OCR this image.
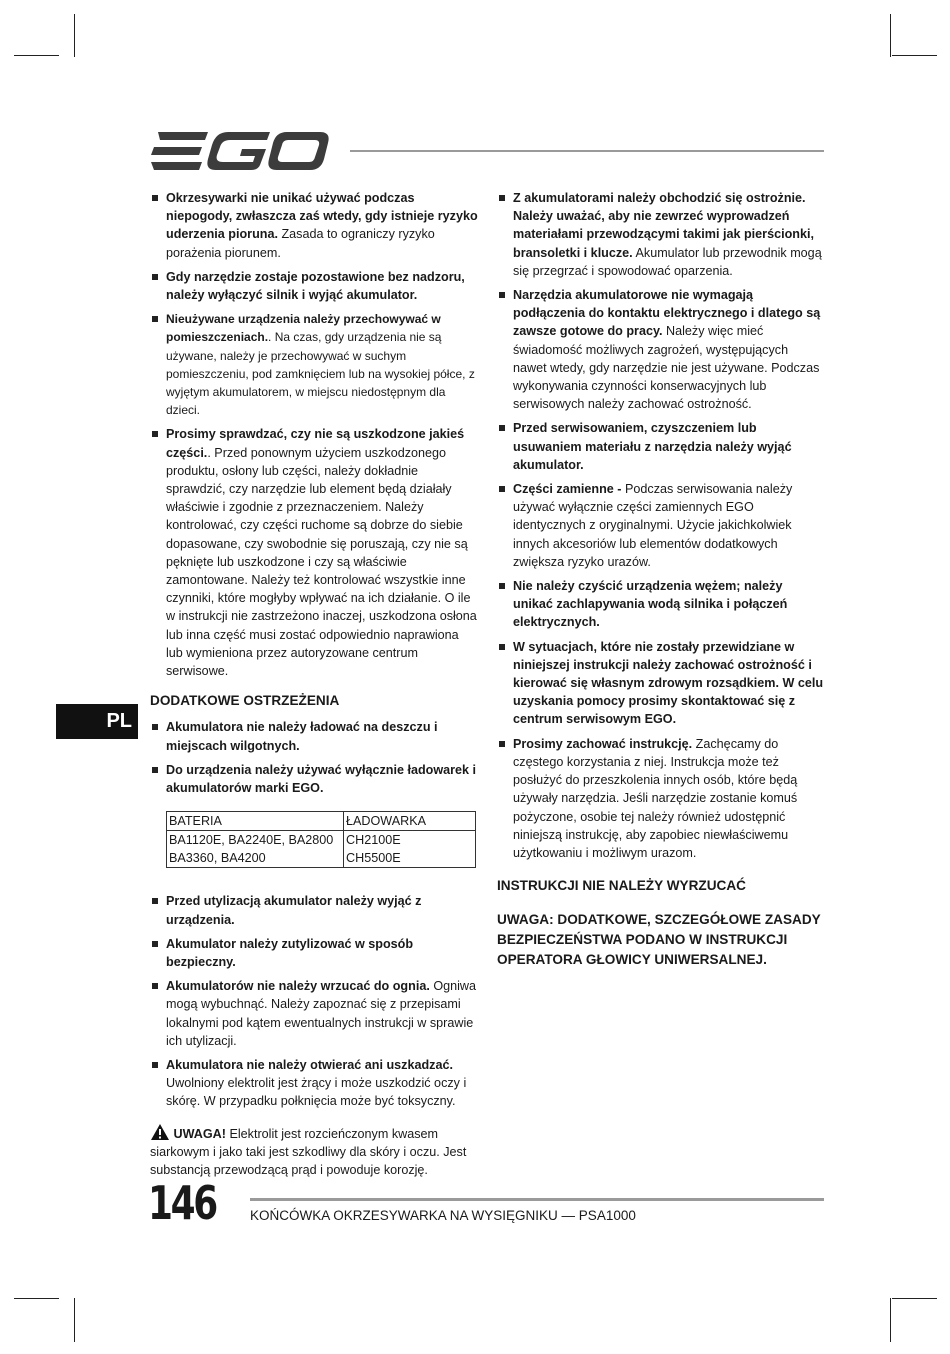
PL
Okrzesywarki nie unikać używać podczas niepogody, zwłaszcza zaś wtedy, gdy istnieje ryzyko uderzenia pioruna. Zasada to ograniczy ryzyko porażenia piorunem.
Gdy narzędzie zostaje pozostawione bez nadzoru, należy wyłączyć silnik i wyjąć akumulator.
Nieużywane urządzenia należy przechowywać w pomieszczeniach.. Na czas, gdy urządzenia nie są używane, należy je przechowywać w suchym pomieszczeniu, pod zamknięciem lub na wysokiej półce, z wyjętym akumulatorem, w miejscu niedostępnym dla dzieci.
Prosimy sprawdzać, czy nie są uszkodzone jakieś części.. Przed ponownym użyciem uszkodzonego produktu, osłony lub części, należy dokładnie sprawdzić, czy narzędzie lub element będą działały właściwie i zgodnie z przeznaczeniem. Należy kontrolować, czy części ruchome są dobrze do siebie dopasowane, czy swobodnie się poruszają, czy nie są pęknięte lub uszkodzone i czy są właściwie zamontowane. Należy też kontrolować wszystkie inne czynniki, które mogłyby wpływać na ich działanie. O ile w instrukcji nie zastrzeżono inaczej, uszkodzona osłona lub inna część musi zostać odpowiednio naprawiona lub wymieniona przez autoryzowane centrum serwisowe.
DODATKOWE OSTRZEŻENIA
Akumulatora nie należy ładować na deszczu i miejscach wilgotnych.
Do urządzenia należy używać wyłącznie ładowarek i akumulatorów marki EGO.
BATERIA	ŁADOWARKA
BA1120E, BA2240E, BA2800	CH2100E
BA3360, BA4200	CH5500E
Przed utylizacją akumulator należy wyjąć z urządzenia.
Akumulator należy zutylizować w sposób bezpieczny.
Akumulatorów nie należy wrzucać do ognia. Ogniwa mogą wybuchnąć. Należy zapoznać się z przepisami lokalnymi pod kątem ewentualnych instrukcji w sprawie ich utylizacji.
Akumulatora nie należy otwierać ani uszkadzać. Uwolniony elektrolit jest żrący i może uszkodzić oczy i skórę. W przypadku połknięcia może być toksyczny.
UWAGA! Elektrolit jest rozcieńczonym kwasem siarkowym i jako taki jest szkodliwy dla skóry i oczu. Jest substancją przewodzącą prąd i powoduje korozję.
Z akumulatorami należy obchodzić się ostrożnie. Należy uważać, aby nie zewrzeć wyprowadzeń materiałami przewodzącymi takimi jak pierścionki, bransoletki i klucze. Akumulator lub przewodnik mogą się przegrzać i spowodować oparzenia.
Narzędzia akumulatorowe nie wymagają podłączenia do kontaktu elektrycznego i dlatego są zawsze gotowe do pracy. Należy więc mieć świadomość możliwych zagrożeń, występujących nawet wtedy, gdy narzędzie nie jest używane. Podczas wykonywania czynności konserwacyjnych lub serwisowych należy zachować ostrożność.
Przed serwisowaniem, czyszczeniem lub usuwaniem materiału z narzędzia należy wyjąć akumulator.
Części zamienne - Podczas serwisowania należy używać wyłącznie części zamiennych EGO identycznych z oryginalnymi. Użycie jakichkolwiek innych akcesoriów lub elementów dodatkowych zwiększa ryzyko urazów.
Nie należy czyścić urządzenia wężem; należy unikać zachlapywania wodą silnika i połączeń elektrycznych.
W sytuacjach, które nie zostały przewidziane w niniejszej instrukcji należy zachować ostrożność i kierować się własnym zdrowym rozsądkiem. W celu uzyskania pomocy prosimy skontaktować się z centrum serwisowym EGO.
Prosimy zachować instrukcję. Zachęcamy do częstego korzystania z niej. Instrukcja może też posłużyć do przeszkolenia innych osób, które będą używały narzędzia. Jeśli narzędzie zostanie komuś pożyczone, osobie tej należy również udostępnić niniejszą instrukcję, aby zapobiec niewłaściwemu użytkowaniu i możliwym urazom.
INSTRUKCJI NIE NALEŻY WYRZUCAĆ
UWAGA: DODATKOWE, SZCZEGÓŁOWE ZASADY BEZPIECZEŃSTWA PODANO W INSTRUKCJI OPERATORA GŁOWICY UNIWERSALNEJ.
146	KOŃCÓWKA OKRZESYWARKA NA WYSIĘGNIKU — PSA1000
